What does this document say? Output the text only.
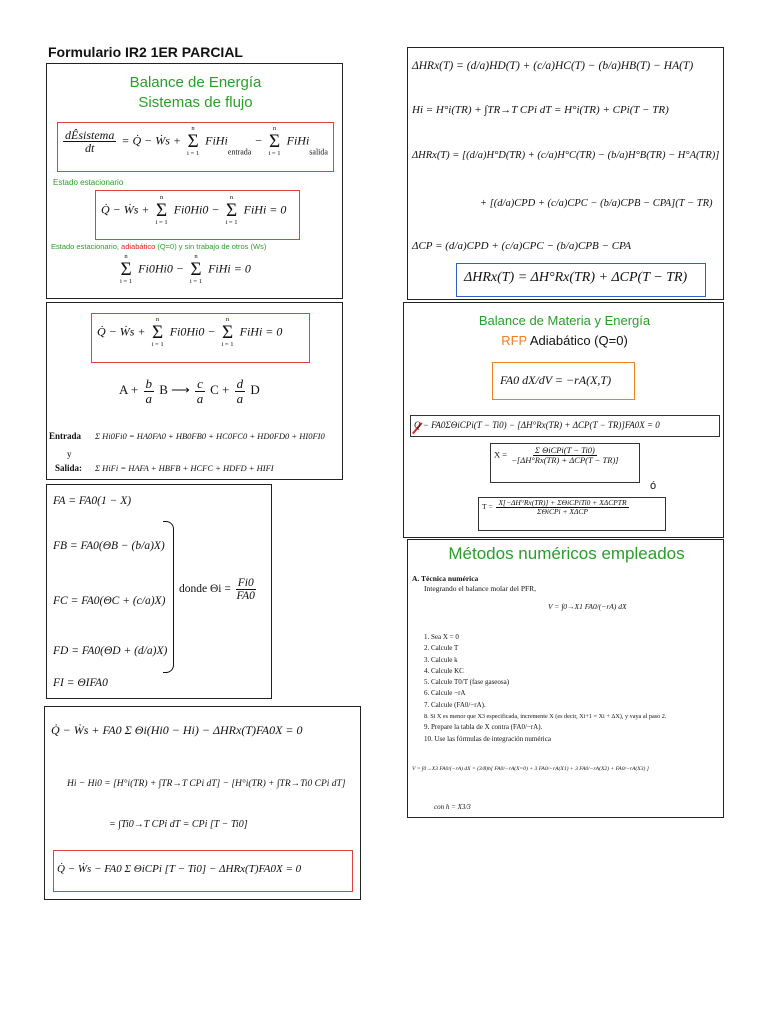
Formulario IR2 1ER PARCIAL
Balance de Energía
Sistemas de flujo
$\frac{\text{dÊsistema}}{dt}$ = Q̇ − Ẇs +
n
Σ
i = 1
FiHi$_{entrada}$ −
n
Σ
i = 1
FiHi$_{salida}$
Estado estacionario
Q̇ − Ẇs +
n
Σ
i = 1
Fi0Hi0 −
n
Σ
i = 1
FiHi = 0
Estado estacionario, adiabático (Q=0) y sin trabajo de otros (Ws)
n
Σ
i = 1
Fi0Hi0 −
n
Σ
i = 1
FiHi = 0
Q̇ − Ẇs +
n
Σ
i = 1
Fi0Hi0 −
n
Σ
i = 1
FiHi = 0
$A + \frac{b}{a}$ B ⟶ $\frac{c}{a}$ $C + \frac{d}{a}$ D
Entrada Σ Hi0Fi0 = HA0FA0 + HB0FB0 + HC0FC0 + HD0FD0 + HI0FI0
y
Salida: Σ HiFi = HAFA + HBFB + HCFC + HDFD + HIFI
FA = FA0(1 − X)
FB = FA0(ΘB − (b/a)X)
FC = FA0(ΘC + (c/a)X)
FD = FA0(ΘD + (d/a)X)
FI = ΘIFA0
donde $\Theta i = \frac{Fi0}{FA0}$
Q̇ − Ẇs + FA0 Σ Θi(Hi0 − Hi) − ΔHRx(T)FA0X = 0
Hi − Hi0 = [H°i(TR) + ∫TR→T CPi dT] − [H°i(TR) + ∫TR→Ti0 CPi dT]
= ∫Ti0→T CPi dT = CPi [T − Ti0]
Q̇ − Ẇs − FA0 Σ ΘiCPi [T − Ti0] − ΔHRx(T)FA0X = 0
ΔHRx(T) = (d/a)HD(T) + (c/a)HC(T) − (b/a)HB(T) − HA(T)
Hi = H°i(TR) + ∫TR→T CPi dT = H°i(TR) + CPi(T − TR)
ΔHRx(T) = [(d/a)H°D(TR) + (c/a)H°C(TR) − (b/a)H°B(TR) − H°A(TR)]
+ [(d/a)CPD + (c/a)CPC − (b/a)CPB − CPA](T − TR)
ΔCP = (d/a)CPD + (c/a)CPC − (b/a)CPB − CPA
ΔHRx(T) = ΔH°Rx(TR) + ΔCP(T − TR)
Balance de Materia y Energía
RFP Adiabático (Q=0)
FA0 dX/dV = −rA(X,T)
Q − FA0ΣΘiCPi(T − Ti0) − [ΔH°Rx(TR) + ΔCP(T − TR)]FA0X = 0
$X = \frac{\text{Σ ΘiCPi(T − Ti0)}}{\text{−[ΔH°Rx(TR) + ΔCP(T − TR)]}}$
ó
$T = \frac{\text{X[−ΔH°Rx(TR)] + ΣΘiCPiTi0 + XΔCPTR}}{\text{ΣΘiCPi + XΔCP}}$
Métodos numéricos empleados
A. Técnica numérica
Integrando el balance molar del PFR,
V = ∫0→X1 FA0/(−rA) dX
1. Sea X = 0
2. Calcule T
3. Calcule k
4. Calcule KC
5. Calcule T0/T (fase gaseosa)
6. Calcule −rA
7. Calcule (FA0/−rA).
8. Si X es menor que X3 especificada, incremente X (es decir, Xi+1 = Xi + ΔX), y vaya al paso 2.
9. Prepare la tabla de X contra (FA0/−rA).
10. Use las fórmulas de integración numérica
V = ∫0→X3 FA0/(−rA) dX = (3/8)h[ FA0/−rA(X=0) + 3 FA0/−rA(X1) + 3 FA0/−rA(X2) + FA0/−rA(X3) ]
con h = X3/3
